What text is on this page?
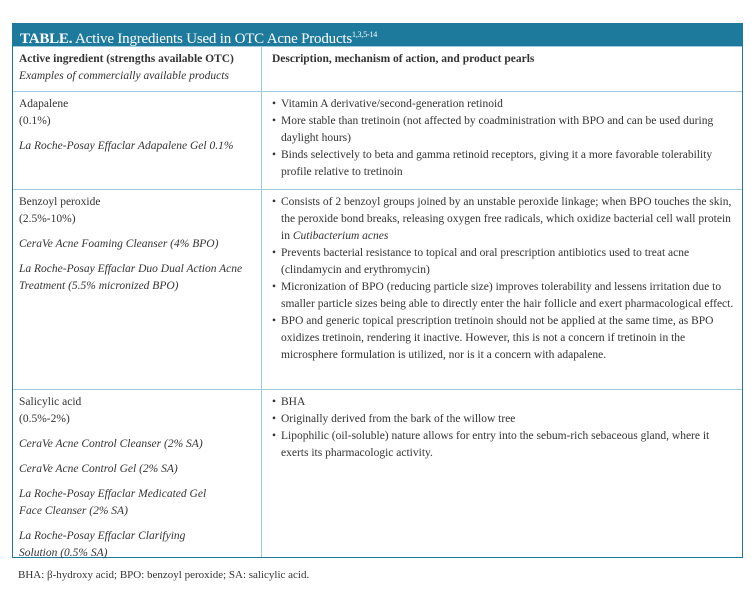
TABLE. Active Ingredients Used in OTC Acne Products$^{1,3,5-14}$
Active ingredient (strengths available OTC)
Examples of commercially available products
Description, mechanism of action, and product pearls
Adapalene
(0.1%)
La Roche-Posay Effaclar Adapalene Gel 0.1%
• Vitamin A derivative/second-generation retinoid
• More stable than tretinoin (not affected by coadministration with BPO and can be used during daylight hours)
• Binds selectively to beta and gamma retinoid receptors, giving it a more favorable tolerability profile relative to tretinoin
Benzoyl peroxide
(2.5%-10%)
CeraVe Acne Foaming Cleanser (4% BPO)
La Roche-Posay Effaclar Duo Dual Action Acne Treatment (5.5% micronized BPO)
• Consists of 2 benzoyl groups joined by an unstable peroxide linkage; when BPO touches the skin, the peroxide bond breaks, releasing oxygen free radicals, which oxidize bacterial cell wall protein in Cutibacterium acnes
• Prevents bacterial resistance to topical and oral prescription antibiotics used to treat acne (clindamycin and erythromycin)
• Micronization of BPO (reducing particle size) improves tolerability and lessens irritation due to smaller particle sizes being able to directly enter the hair follicle and exert pharmacological effect.
• BPO and generic topical prescription tretinoin should not be applied at the same time, as BPO oxidizes tretinoin, rendering it inactive. However, this is not a concern if tretinoin in the microsphere formulation is utilized, nor is it a concern with adapalene.
Salicylic acid
(0.5%-2%)
CeraVe Acne Control Cleanser (2% SA)
CeraVe Acne Control Gel (2% SA)
La Roche-Posay Effaclar Medicated Gel Face Cleanser (2% SA)
La Roche-Posay Effaclar Clarifying Solution (0.5% SA)
• BHA
• Originally derived from the bark of the willow tree
• Lipophilic (oil-soluble) nature allows for entry into the sebum-rich sebaceous gland, where it exerts its pharmacologic activity.
BHA: β-hydroxy acid; BPO: benzoyl peroxide; SA: salicylic acid.
